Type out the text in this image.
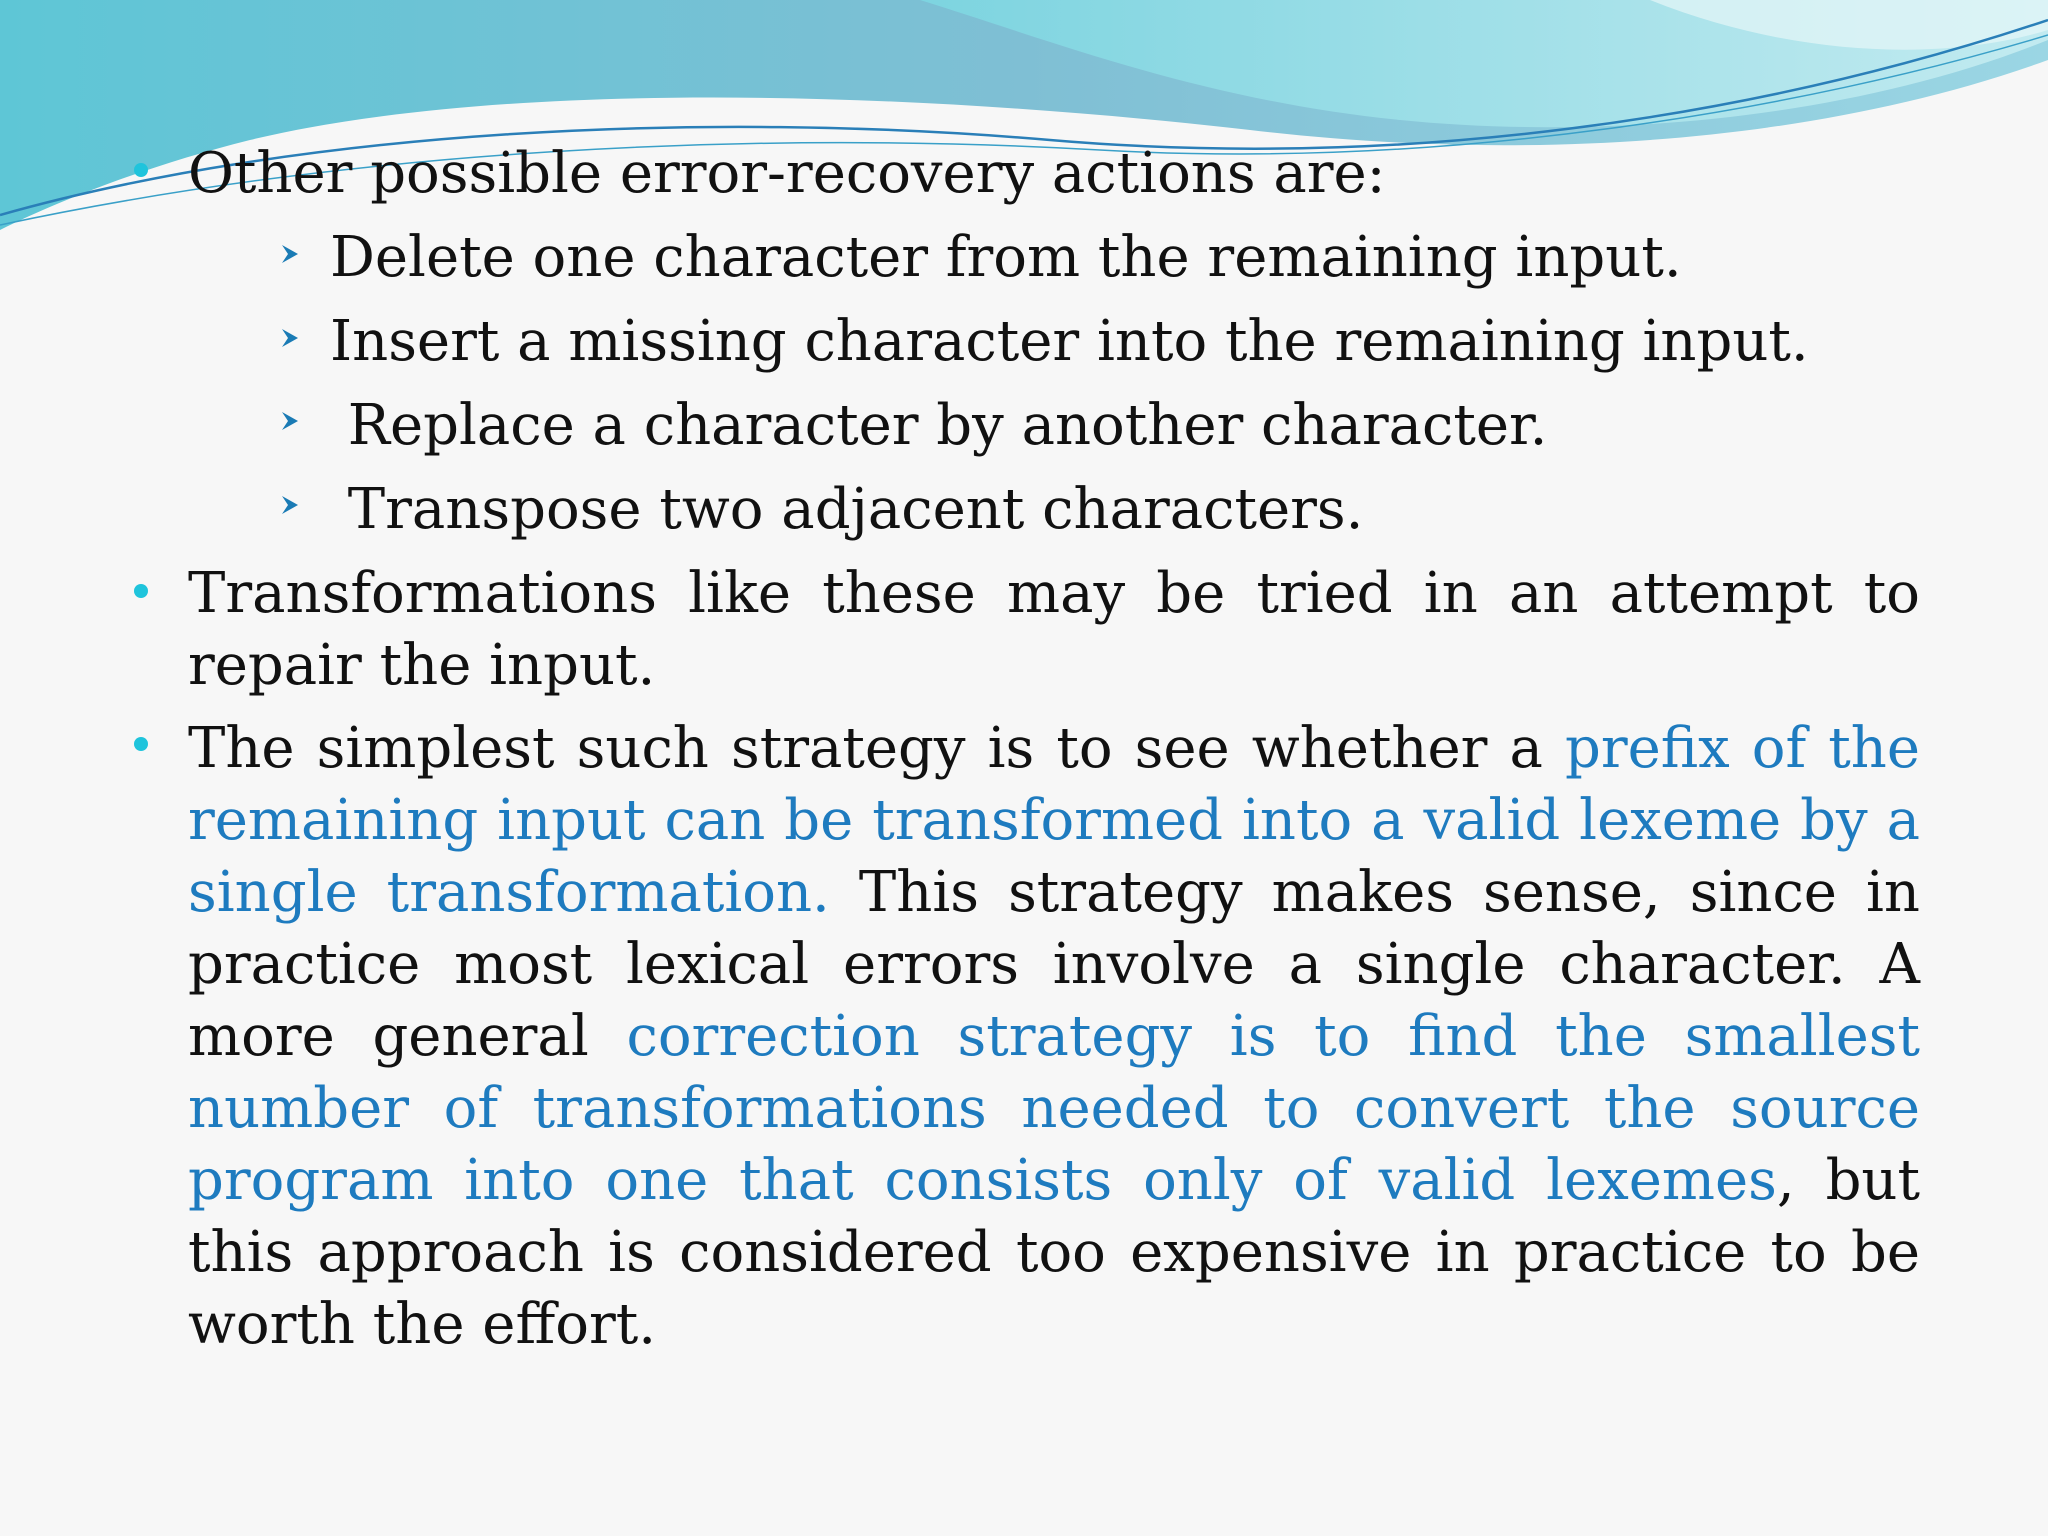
Other possible error-recovery actions are:
Delete one character from the remaining input.
Insert a missing character into the remaining input.
Replace a character by another character.
Transpose two adjacent characters.
Transformations like these may be tried in an attempt to repair the input.
The simplest such strategy is to see whether a prefix of the remaining input can be transformed into a valid lexeme by a single transformation. This strategy makes sense, since in practice most lexical errors involve a single character. A more general correction strategy is to find the smallest number of transformations needed to convert the source program into one that consists only of valid lexemes, but this approach is considered too expensive in practice to be worth the effort.
